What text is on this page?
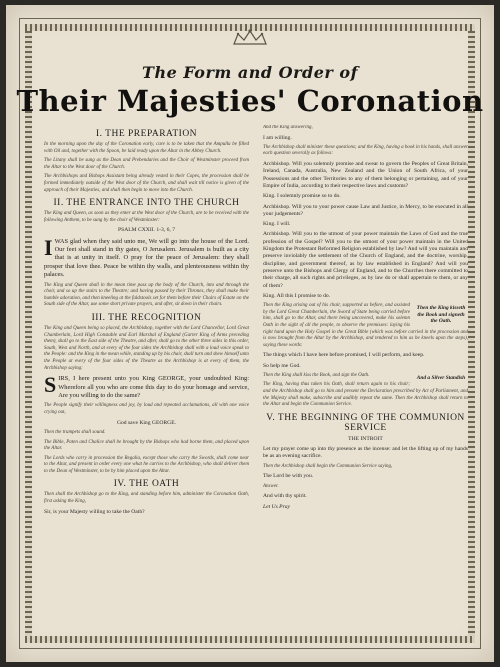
The Form and Order of
Their Majesties' Coronation
I. THE PREPARATION

In the morning upon the day of the Coronation early, care is to be taken that the Ampulla be filled with Oil and, together with the Spoon, be laid ready upon the Altar in the Abbey Church.

The Litany shall be sung as the Dean and Prebendaries and the Choir of Westminster proceed from the Altar to the West door of the Church.

The Archbishops and Bishops Assistant being already vested in their Copes, the procession shall be formed immediately outside of the West door of the Church, and shall wait till notice is given of the approach of their Majesties, and shall then begin to move into the Church.

II. THE ENTRANCE INTO THE CHURCH

The King and Queen, as soon as they enter at the West door of the Church, are to be received with the following Anthem, to be sung by the choir of Westminster:

PSALM CXXII. 1-3, 6, 7

IWAS glad when they said unto me, We will go into the house of the Lord. Our feet shall stand in thy gates, O Jerusalem. Jerusalem is built as a city that is at unity in itself. O pray for the peace of Jerusalem: they shall prosper that love thee. Peace be within thy walls, and plenteousness within thy palaces.

The King and Queen shall in the mean time pass up the body of the Church, into and through the choir, and so up the stairs to the Theatre; and having passed by their Thrones, they shall make their humble adoration, and then kneeling at the faldstools set for them before their Chairs of Estate on the South side of the Altar, use some short private prayers, and after, sit down in their chairs.

III. THE RECOGNITION

The King and Queen being so placed, the Archbishop, together with the Lord Chancellor, Lord Great Chamberlain, Lord High Constable and Earl Marshal of England (Garter King of Arms preceding them), shall go to the East side of the Theatre, and after, shall go to the other three sides in this order, South, West and North, and at every of the four sides the Archbishop shall with a loud voice speak to the People: and the King in the mean while, standing up by his chair, shall turn and shew himself unto the People at every of the four sides of the Theatre as the Archbishop is at every of them, the Archbishop saying:

SIRS, I here present unto you King GEORGE, your undoubted King: Wherefore all you who are come this day to do your homage and service, Are you willing to do the same?

The People signify their willingness and joy, by loud and repeated acclamations, all with one voice crying out,

God save King GEORGE.

Then the trumpets shall sound.

The Bible, Paten and Chalice shall be brought by the Bishops who had borne them, and placed upon the Altar.

The Lords who carry in procession the Regalia, except those who carry the Swords, shall come near to the Altar, and present in order every one what he carries to the Archbishop, who shall deliver them to the Dean of Westminster, to be by him placed upon the Altar.

IV. THE OATH

Then shall the Archbishop go to the King, and standing before him, administer the Coronation Oath, first asking the King,

Sir, is your Majesty willing to take the Oath?

And the King answering,

I am willing.

The Archbishop shall minister these questions; and the King, having a book in his hands, shall answer each question severally as follows:

Archbishop. Will you solemnly promise and swear to govern the Peoples of Great Britain, Ireland, Canada, Australia, New Zealand and the Union of South Africa, of your Possessions and the other Territories to any of them belonging or pertaining, and of your Empire of India, according to their respective laws and customs?

King. I solemnly promise so to do.

Archbishop. Will you to your power cause Law and Justice, in Mercy, to be executed in all your judgements?

King. I will.

Archbishop. Will you to the utmost of your power maintain the Laws of God and the true profession of the Gospel? Will you to the utmost of your power maintain in the United Kingdom the Protestant Reformed Religion established by law? And will you maintain and preserve inviolably the settlement of the Church of England, and the doctrine, worship, discipline, and government thereof, as by law established in England? And will you preserve unto the Bishops and Clergy of England, and to the Churches there committed to their charge, all such rights and privileges, as by law do or shall appertain to them, or any of them?

King. All this I promise to do.

Then the King kisseth the Book and signeth the Oath.

Then the King arising out of his chair, supported as before, and assisted by the Lord Great Chamberlain, the Sword of State being carried before him, shall go to the Altar, and there being uncovered, make his solemn Oath in the sight of all the people, to observe the premisses: laying his right hand upon the Holy Gospel in the Great Bible (which was before carried in the procession and is now brought from the Altar by the Archbishop, and tendered to him as he kneels upon the steps), saying these words:

The things which I have here before promised, I will perform, and keep.

So help me God.

And a Silver Standish

Then the King shall kiss the Book, and sign the Oath.

The King, having thus taken his Oath, shall return again to his chair; and the Archbishop shall go to him and present the Declaration prescribed by Act of Parliament, and the Majesty shall make, subscribe and audibly repeat the same. Then the Archbishop shall return to the Altar and begin the Communion Service.

V. THE BEGINNING OF THE COMMUNION SERVICE

THE INTROIT

Let my prayer come up into thy presence as the incense: and let the lifting up of my hands be as an evening sacrifice.

Then the Archbishop shall begin the Communion Service saying,

The Lord be with you.

Answer.

And with thy spirit.

Let Us Pray
